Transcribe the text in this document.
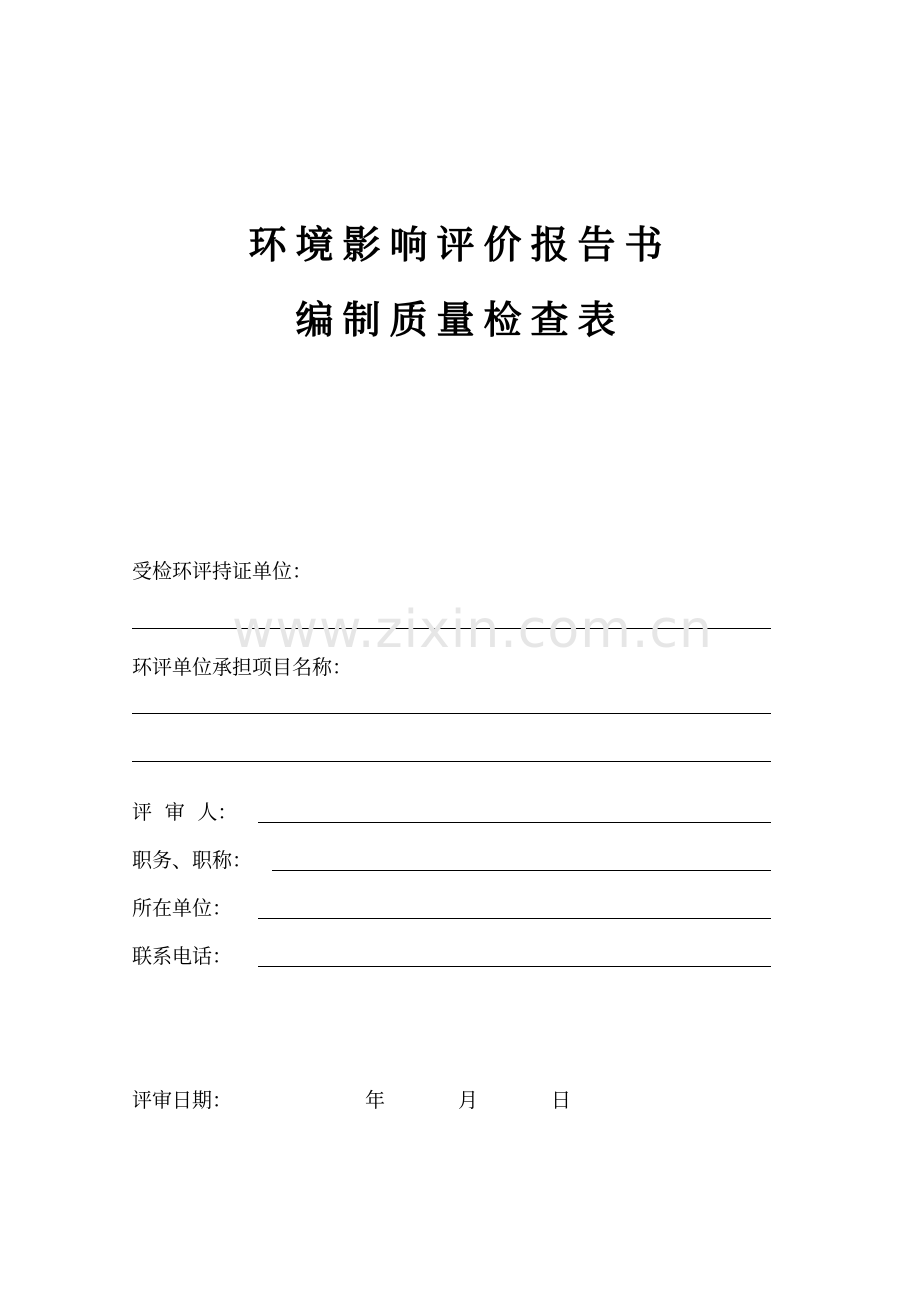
环境影响评价报告书
编制质量检查表
受检环评持证单位：
www.zixin.com.cn
环评单位承担项目名称：
评  审  人：
职务、职称：
所在单位：
联系电话：
评审日期：	年	月	日
